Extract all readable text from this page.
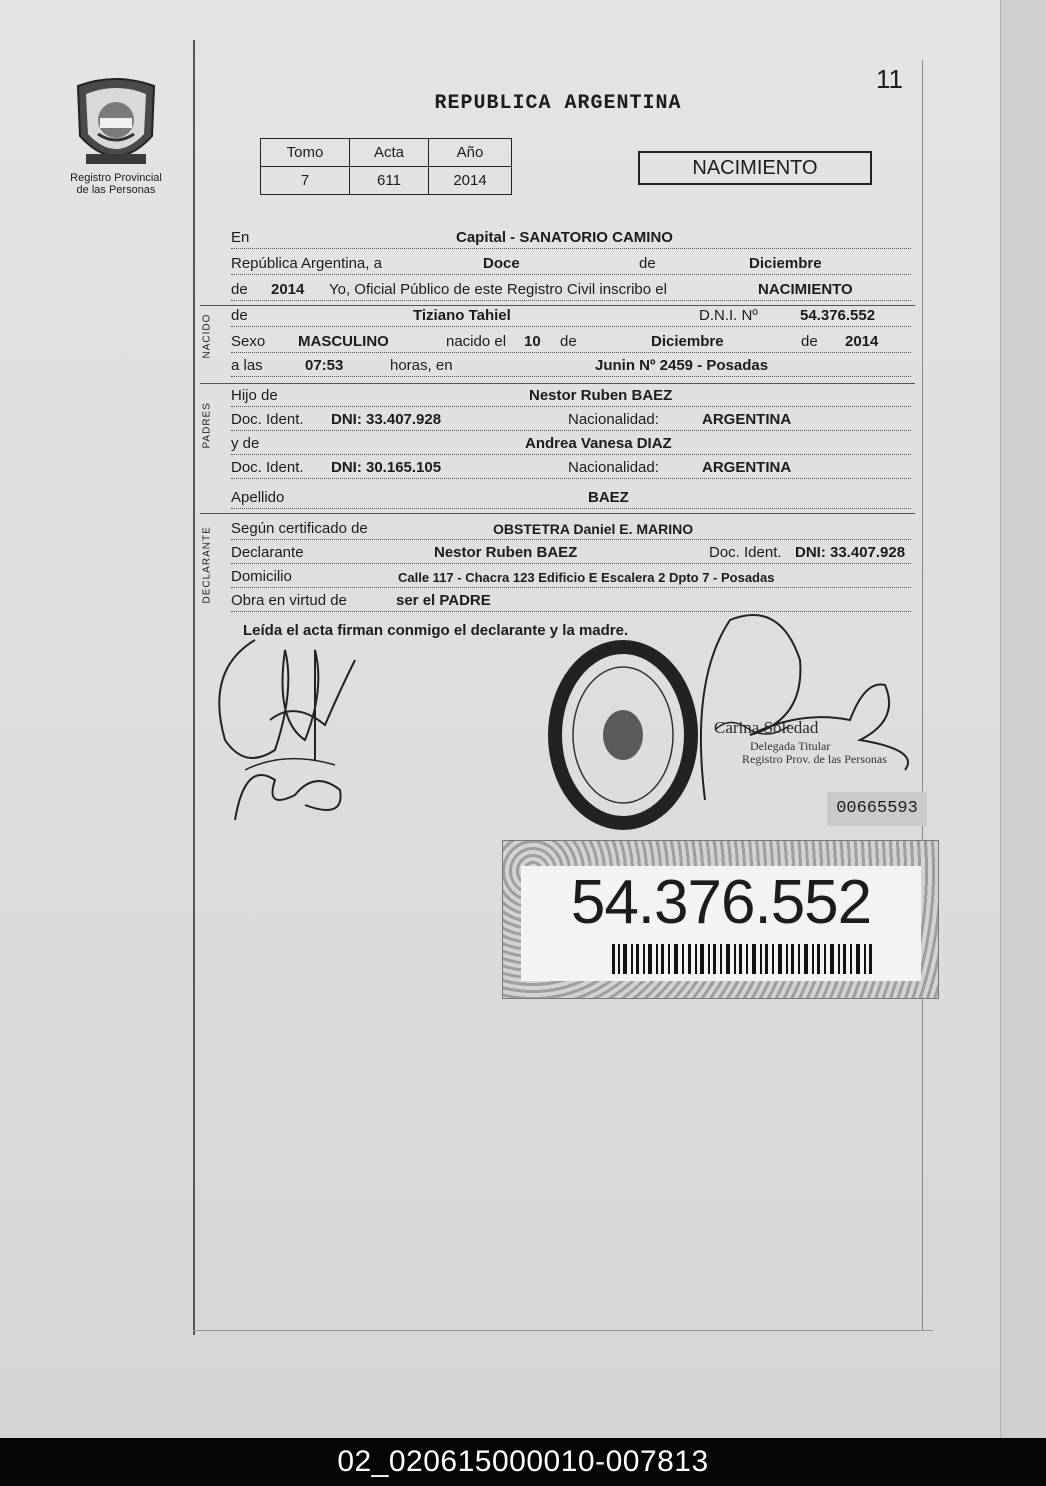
Registro Provincial
de las Personas
11
REPUBLICA ARGENTINA
Tomo	Acta	Año
7	611	2014
NACIMIENTO
En	Capital - SANATORIO CAMINO
República Argentina, a	Doce	de	Diciembre
de 2014 Yo, Oficial Público de este Registro Civil inscribo el	NACIMIENTO
NACIDO de	Tiziano Tahiel	D.N.I. Nº	54.376.552
Sexo MASCULINO	nacido el 10 de	Diciembre	de 2014
a las	07:53	horas, en	Junin Nº 2459 - Posadas
PADRES
Hijo de	Nestor Ruben BAEZ
Doc. Ident. DNI: 33.407.928	Nacionalidad:	ARGENTINA
y de	Andrea Vanesa DIAZ
Doc. Ident. DNI: 30.165.105	Nacionalidad:	ARGENTINA
Apellido	BAEZ
DECLARANTE Según certificado de	OBSTETRA Daniel E. MARINO
Declarante	Nestor Ruben BAEZ	Doc. Ident. DNI: 33.407.928
Domicilio	Calle 117 - Chacra 123 Edificio E Escalera 2 Dpto 7 - Posadas
Obra en virtud de	ser el PADRE
Leída el acta firman conmigo el declarante y la madre.
Carina Soledad
Delegada Titular
Registro Prov. de las Personas
00665593
54.376.552
02_020615000010-007813
